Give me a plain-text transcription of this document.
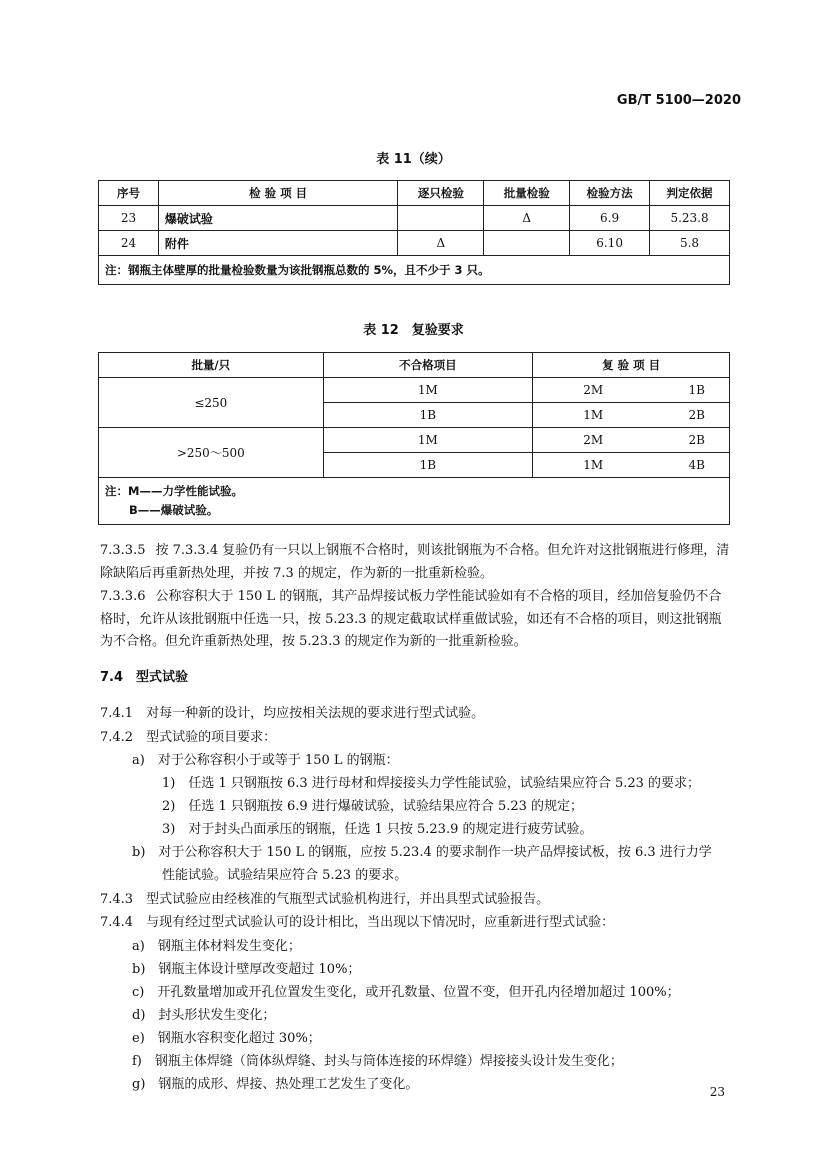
GB/T 5100—2020
表 11（续）
序号	检 验 项 目	逐只检验	批量检验	检验方法	判定依据
23	爆破试验		Δ	6.9	5.23.8
24	附件	Δ		6.10	5.8
注：钢瓶主体壁厚的批量检验数量为该批钢瓶总数的 5%，且不少于 3 只。					
表 12　复验要求
批量/只	不合格项目	复 验 项 目
≤250	1M	2M 1B

	1B	1M 2B

>250～500	1M	2M 2B

	1B	1M 4B

注：M——力学性能试验。
B——爆破试验。		
7.3.3.5 按 7.3.3.4 复验仍有一只以上钢瓶不合格时，则该批钢瓶为不合格。但允许对这批钢瓶进行修理，清除缺陷后再重新热处理，并按 7.3 的规定，作为新的一批重新检验。
7.3.3.6 公称容积大于 150 L 的钢瓶，其产品焊接试板力学性能试验如有不合格的项目，经加倍复验仍不合格时，允许从该批钢瓶中任选一只，按 5.23.3 的规定截取试样重做试验，如还有不合格的项目，则这批钢瓶为不合格。但允许重新热处理，按 5.23.3 的规定作为新的一批重新检验。
7.4　型式试验
7.4.1　对每一种新的设计，均应按相关法规的要求进行型式试验。
7.4.2　型式试验的项目要求：
a)　对于公称容积小于或等于 150 L 的钢瓶：
1)　任选 1 只钢瓶按 6.3 进行母材和焊接接头力学性能试验，试验结果应符合 5.23 的要求；
2)　任选 1 只钢瓶按 6.9 进行爆破试验，试验结果应符合 5.23 的规定；
3)　对于封头凸面承压的钢瓶，任选 1 只按 5.23.9 的规定进行疲劳试验。
b)　对于公称容积大于 150 L 的钢瓶，应按 5.23.4 的要求制作一块产品焊接试板，按 6.3 进行力学
性能试验。试验结果应符合 5.23 的要求。
7.4.3　型式试验应由经核准的气瓶型式试验机构进行，并出具型式试验报告。
7.4.4　与现有经过型式试验认可的设计相比，当出现以下情况时，应重新进行型式试验：
a)　钢瓶主体材料发生变化；
b)　钢瓶主体设计壁厚改变超过 10%；
c)　开孔数量增加或开孔位置发生变化，或开孔数量、位置不变，但开孔内径增加超过 100%；
d)　封头形状发生变化；
e)　钢瓶水容积变化超过 30%；
f)　钢瓶主体焊缝（筒体纵焊缝、封头与筒体连接的环焊缝）焊接接头设计发生变化；
g)　钢瓶的成形、焊接、热处理工艺发生了变化。	23
